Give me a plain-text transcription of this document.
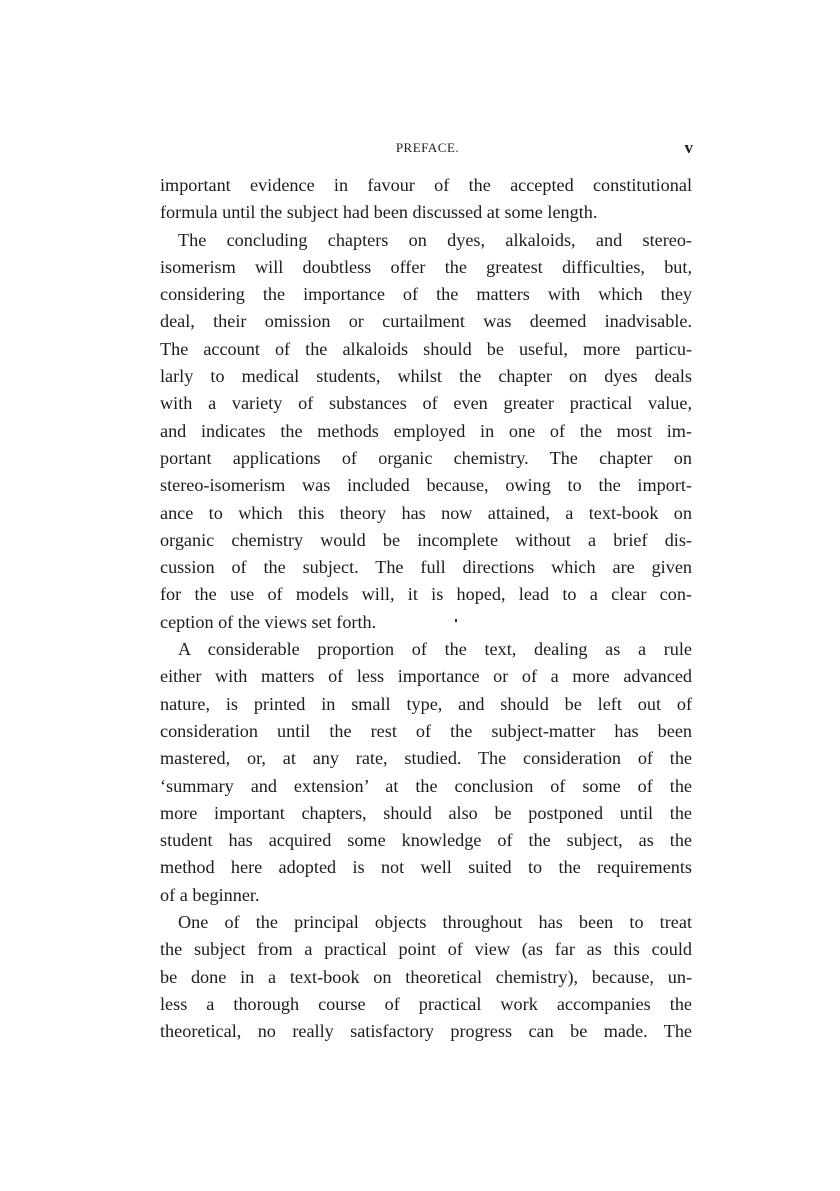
PREFACE.	v
important evidence in favour of the accepted constitutional
formula until the subject had been discussed at some length.
The concluding chapters on dyes, alkaloids, and stereo-
isomerism will doubtless offer the greatest difficulties, but,
considering the importance of the matters with which they
deal, their omission or curtailment was deemed inadvisable.
The account of the alkaloids should be useful, more particu-
larly to medical students, whilst the chapter on dyes deals
with a variety of substances of even greater practical value,
and indicates the methods employed in one of the most im-
portant applications of organic chemistry. The chapter on
stereo-isomerism was included because, owing to the import-
ance to which this theory has now attained, a text-book on
organic chemistry would be incomplete without a brief dis-
cussion of the subject. The full directions which are given
for the use of models will, it is hoped, lead to a clear con-
ception of the views set forth.
A considerable proportion of the text, dealing as a rule
either with matters of less importance or of a more advanced
nature, is printed in small type, and should be left out of
consideration until the rest of the subject-matter has been
mastered, or, at any rate, studied. The consideration of the
‘summary and extension’ at the conclusion of some of the
more important chapters, should also be postponed until the
student has acquired some knowledge of the subject, as the
method here adopted is not well suited to the requirements
of a beginner.
One of the principal objects throughout has been to treat
the subject from a practical point of view (as far as this could
be done in a text-book on theoretical chemistry), because, un-
less a thorough course of practical work accompanies the
theoretical, no really satisfactory progress can be made. The
